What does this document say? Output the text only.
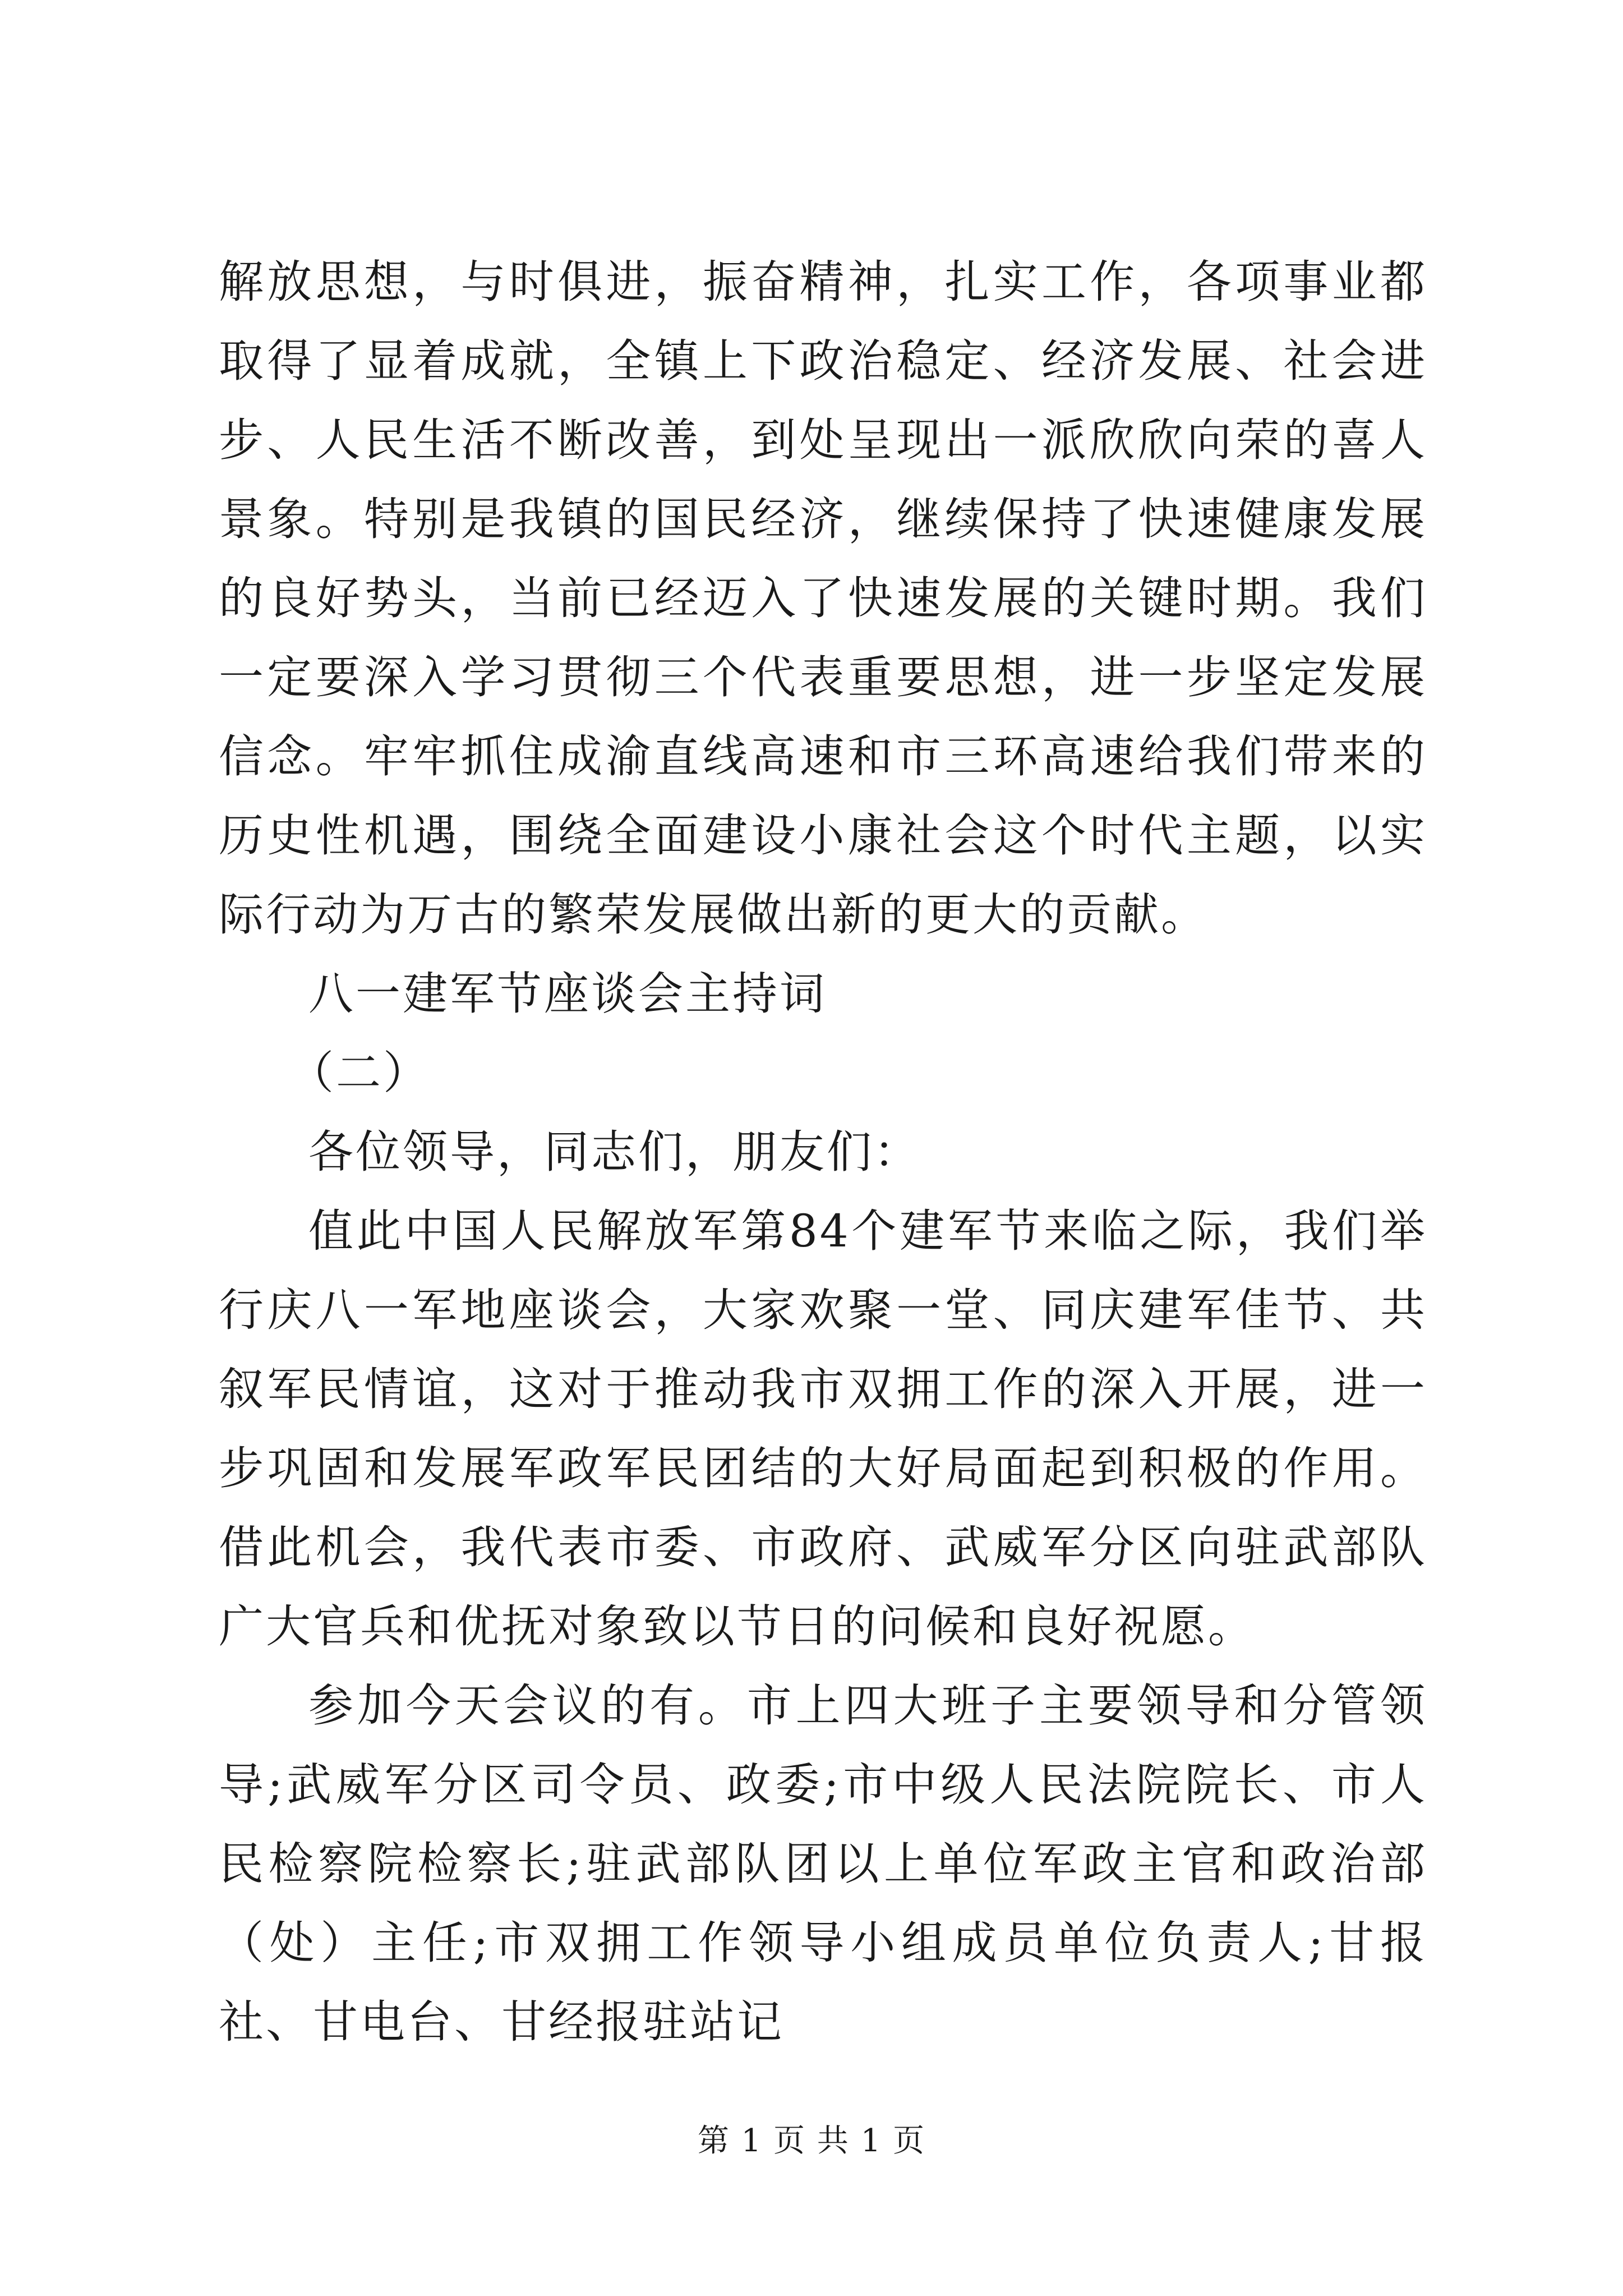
解放思想，与时俱进，振奋精神，扎实工作，各项事业都取得了显着成就，全镇上下政治稳定、经济发展、社会进步、人民生活不断改善，到处呈现出一派欣欣向荣的喜人景象。特别是我镇的国民经济，继续保持了快速健康发展的良好势头，当前已经迈入了快速发展的关键时期。我们一定要深入学习贯彻三个代表重要思想，进一步坚定发展信念。牢牢抓住成渝直线高速和市三环高速给我们带来的历史性机遇，围绕全面建设小康社会这个时代主题，以实际行动为万古的繁荣发展做出新的更大的贡献。

八一建军节座谈会主持词

（二）

各位领导，同志们，朋友们：

值此中国人民解放军第84个建军节来临之际，我们举行庆八一军地座谈会，大家欢聚一堂、同庆建军佳节、共叙军民情谊，这对于推动我市双拥工作的深入开展，进一步巩固和发展军政军民团结的大好局面起到积极的作用。借此机会，我代表市委、市政府、武威军分区向驻武部队广大官兵和优抚对象致以节日的问候和良好祝愿。

参加今天会议的有。市上四大班子主要领导和分管领导;武威军分区司令员、政委;市中级人民法院院长、市人民检察院检察长;驻武部队团以上单位军政主官和政治部（处）主任;市双拥工作领导小组成员单位负责人;甘报社、甘电台、甘经报驻站记

第 1 页 共 1 页
